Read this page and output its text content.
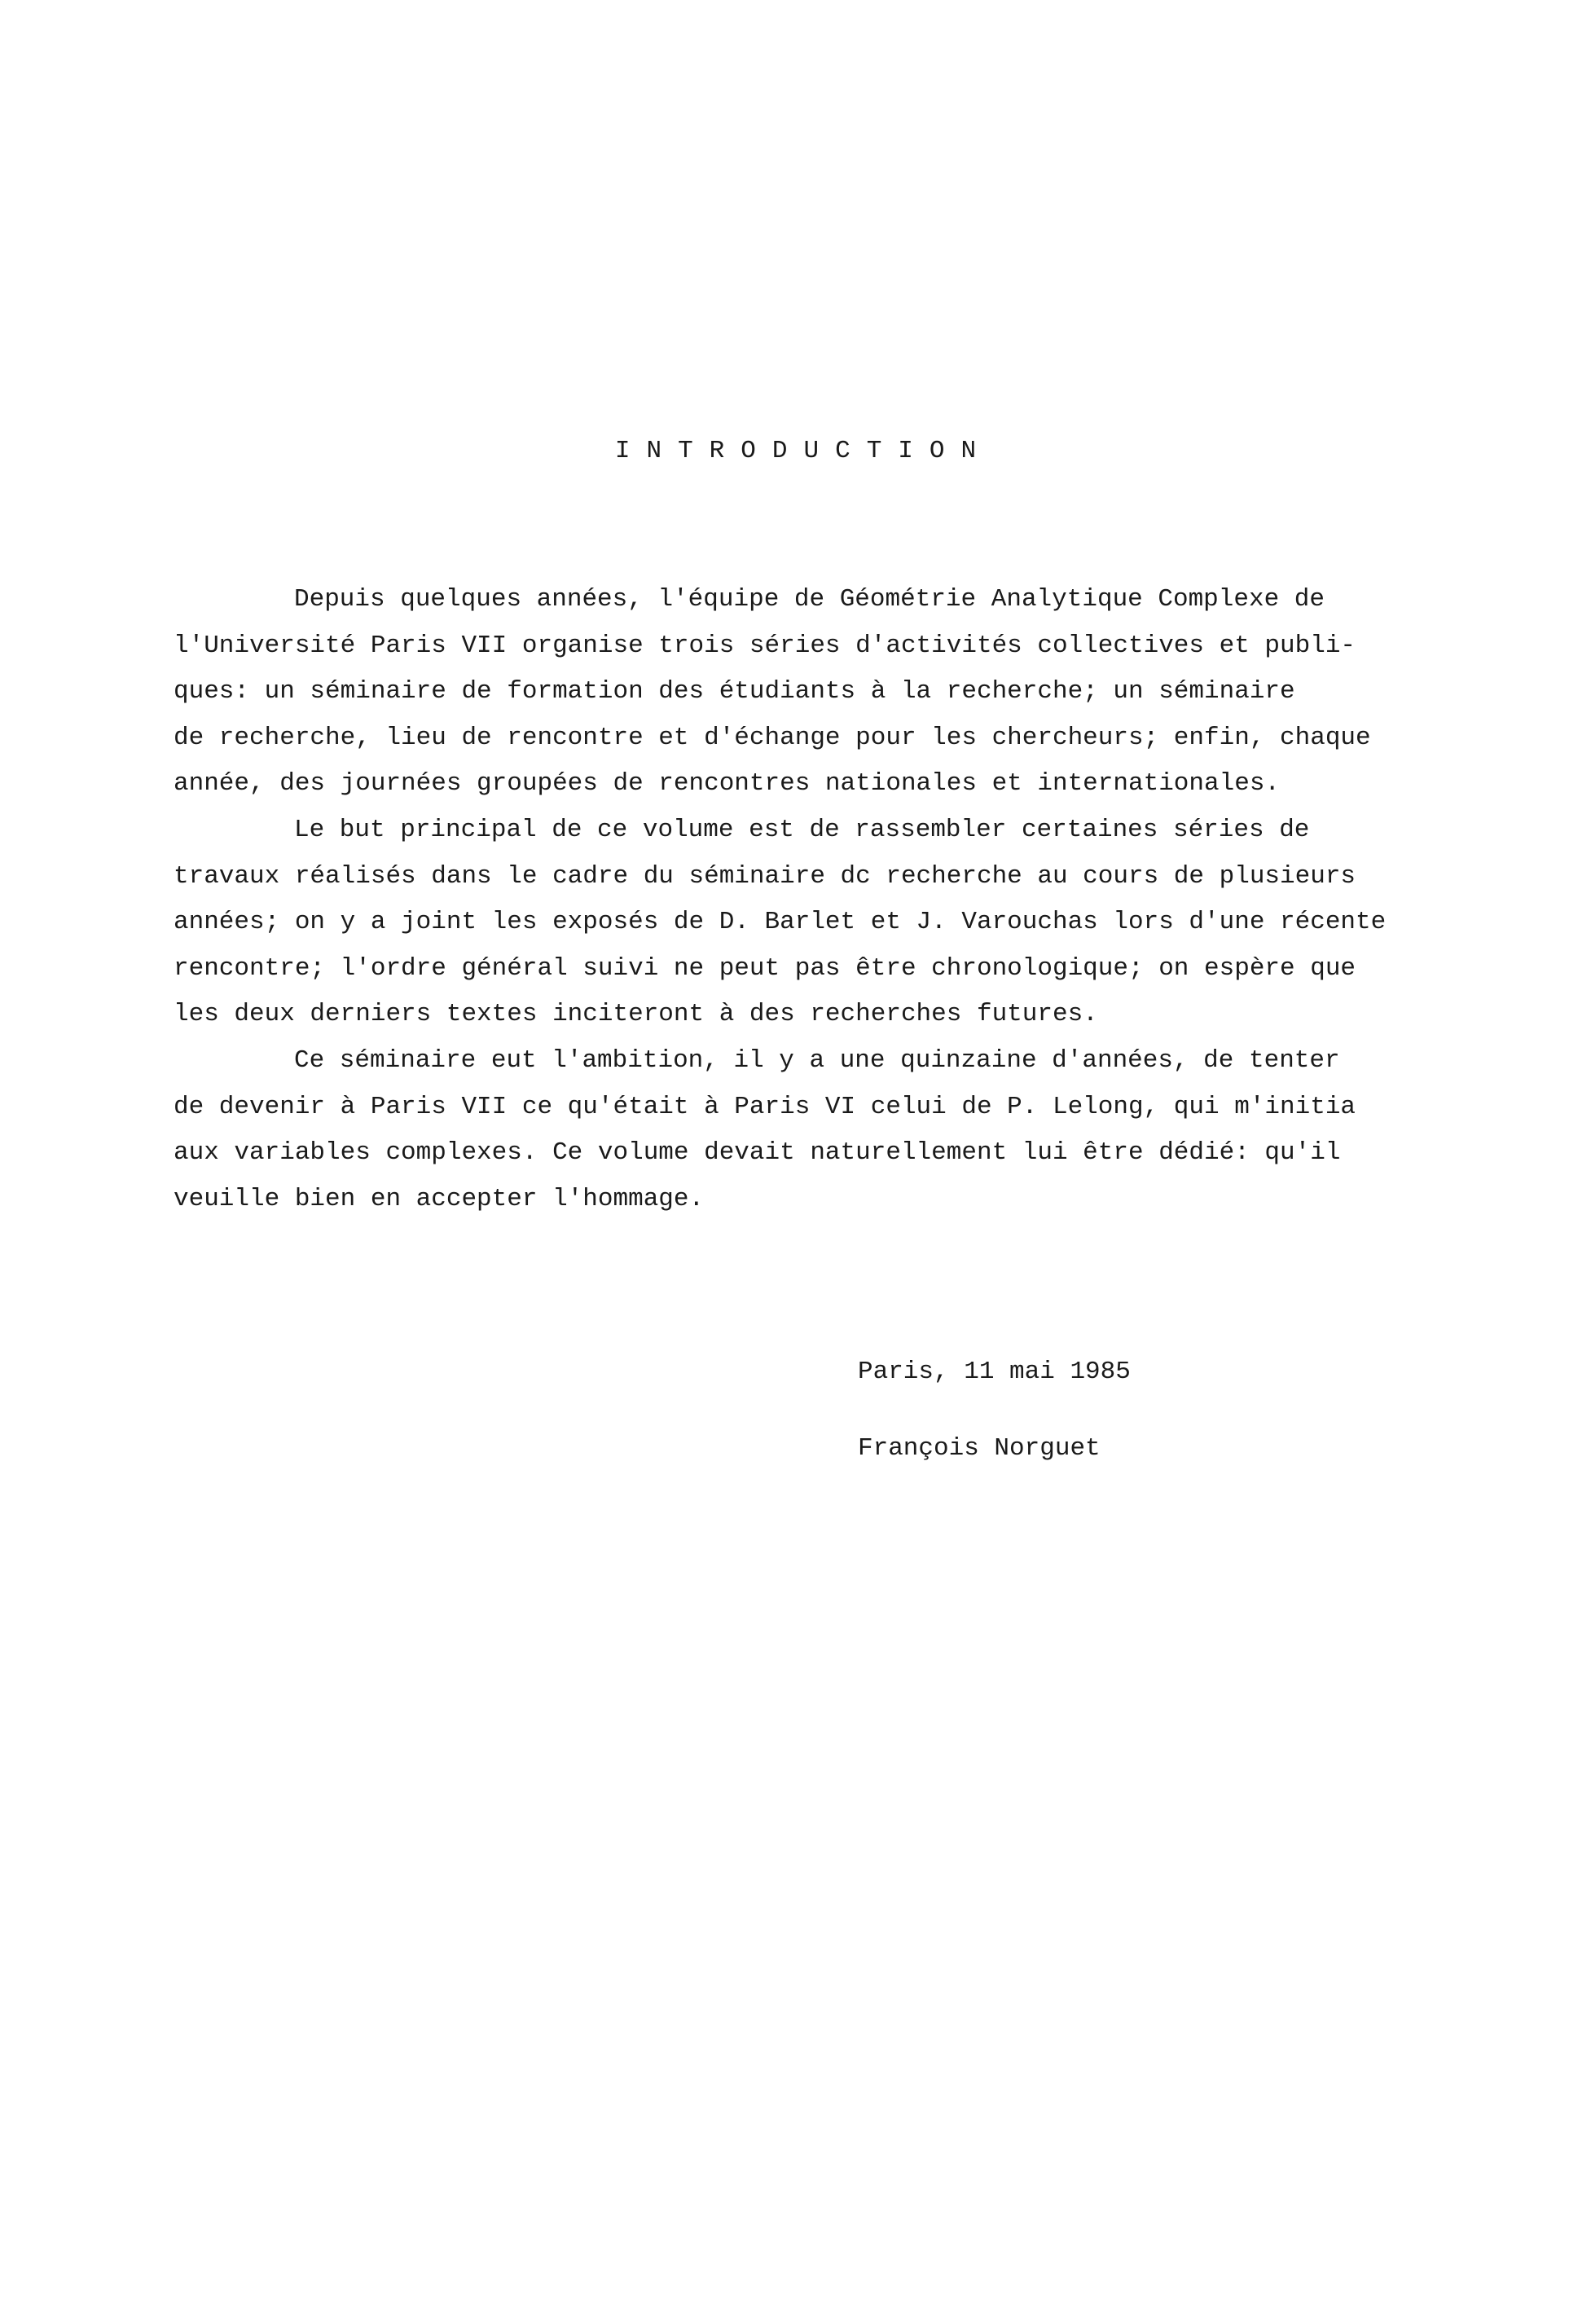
INTRODUCTION
Depuis quelques années, l'équipe de Géométrie Analytique Complexe de
l'Université Paris VII organise trois séries d'activités collectives et publi-
ques: un séminaire de formation des étudiants à la recherche; un séminaire
de recherche, lieu de rencontre et d'échange pour les chercheurs; enfin, chaque
année, des journées groupées de rencontres nationales et internationales.
Le but principal de ce volume est de rassembler certaines séries de
travaux réalisés dans le cadre du séminaire dc recherche au cours de plusieurs
années; on y a joint les exposés de D. Barlet et J. Varouchas lors d'une récente
rencontre; l'ordre général suivi ne peut pas être chronologique; on espère que
les deux derniers textes inciteront à des recherches futures.
Ce séminaire eut l'ambition, il y a une quinzaine d'années, de tenter
de devenir à Paris VII ce qu'était à Paris VI celui de P. Lelong, qui m'initia
aux variables complexes. Ce volume devait naturellement lui être dédié: qu'il
veuille bien en accepter l'hommage.
Paris, 11 mai 1985
François Norguet
